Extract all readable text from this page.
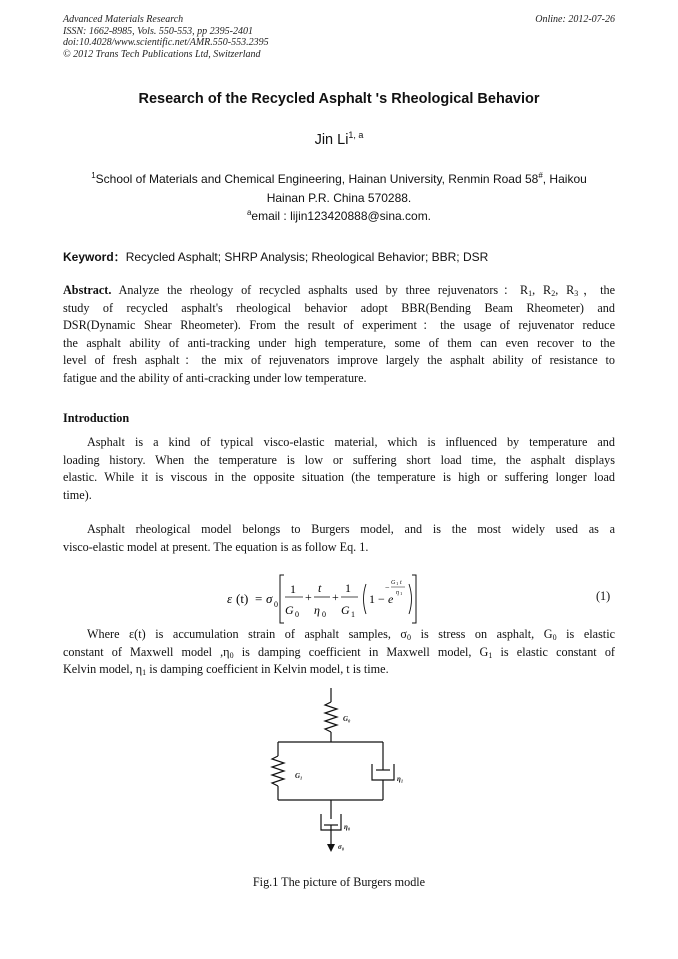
Advanced Materials Research
ISSN: 1662-8985, Vols. 550-553, pp 2395-2401
doi:10.4028/www.scientific.net/AMR.550-553.2395
© 2012 Trans Tech Publications Ltd, Switzerland
Online: 2012-07-26
Research of the Recycled Asphalt 's Rheological Behavior
Jin Li$^{1, a}$
$^1$School of Materials and Chemical Engineering, Hainan University, Renmin Road 58#, Haikou
Hainan P.R. China 570288.
$^a$email : lijin123420888@sina.com.
Keyword：Recycled Asphalt; SHRP Analysis; Rheological Behavior; BBR; DSR
Abstract. Analyze the rheology of recycled asphalts used by three rejuvenators：$R_1$, $R_2$, $R_3$，the
study of recycled asphalt's rheological behavior adopt BBR(Bending Beam Rheometer) and
DSR(Dynamic Shear Rheometer). From the result of experiment：the usage of rejuvenator reduce
the asphalt ability of anti-tracking under high temperature, some of them can even recover to the
level of fresh asphalt：the mix of rejuvenators improve largely the asphalt ability of resistance to
fatigue and the ability of anti-cracking under low temperature.
Introduction
Asphalt is a kind of typical visco-elastic material, which is influenced by temperature and
loading history. When the temperature is low or suffering short load time, the asphalt displays
elastic. While it is viscous in the opposite situation (the temperature is high or suffering longer load
time).
Asphalt rheological model belongs to Burgers model, and is the most widely used as a
visco-elastic model at present. The equation is as follow Eq. 1.
ε (t) = σ 0
1
G 0
+
t
η 0
+
1
G 1
1 − e
G 1 t
η 1
−
(1)
Where ε(t) is accumulation strain of asphalt samples, $\sigma_0$ is stress on asphalt, $G_0$ is elastic
constant of Maxwell model $,\eta_0$ is damping coefficient in Maxwell model, $G_1$ is elastic constant of
Kelvin model, $\eta_1$ is damping coefficient in Kelvin model, t is time.
G₀
G₁	η₁
η₀
σ₀
Fig.1 The picture of Burgers modle
